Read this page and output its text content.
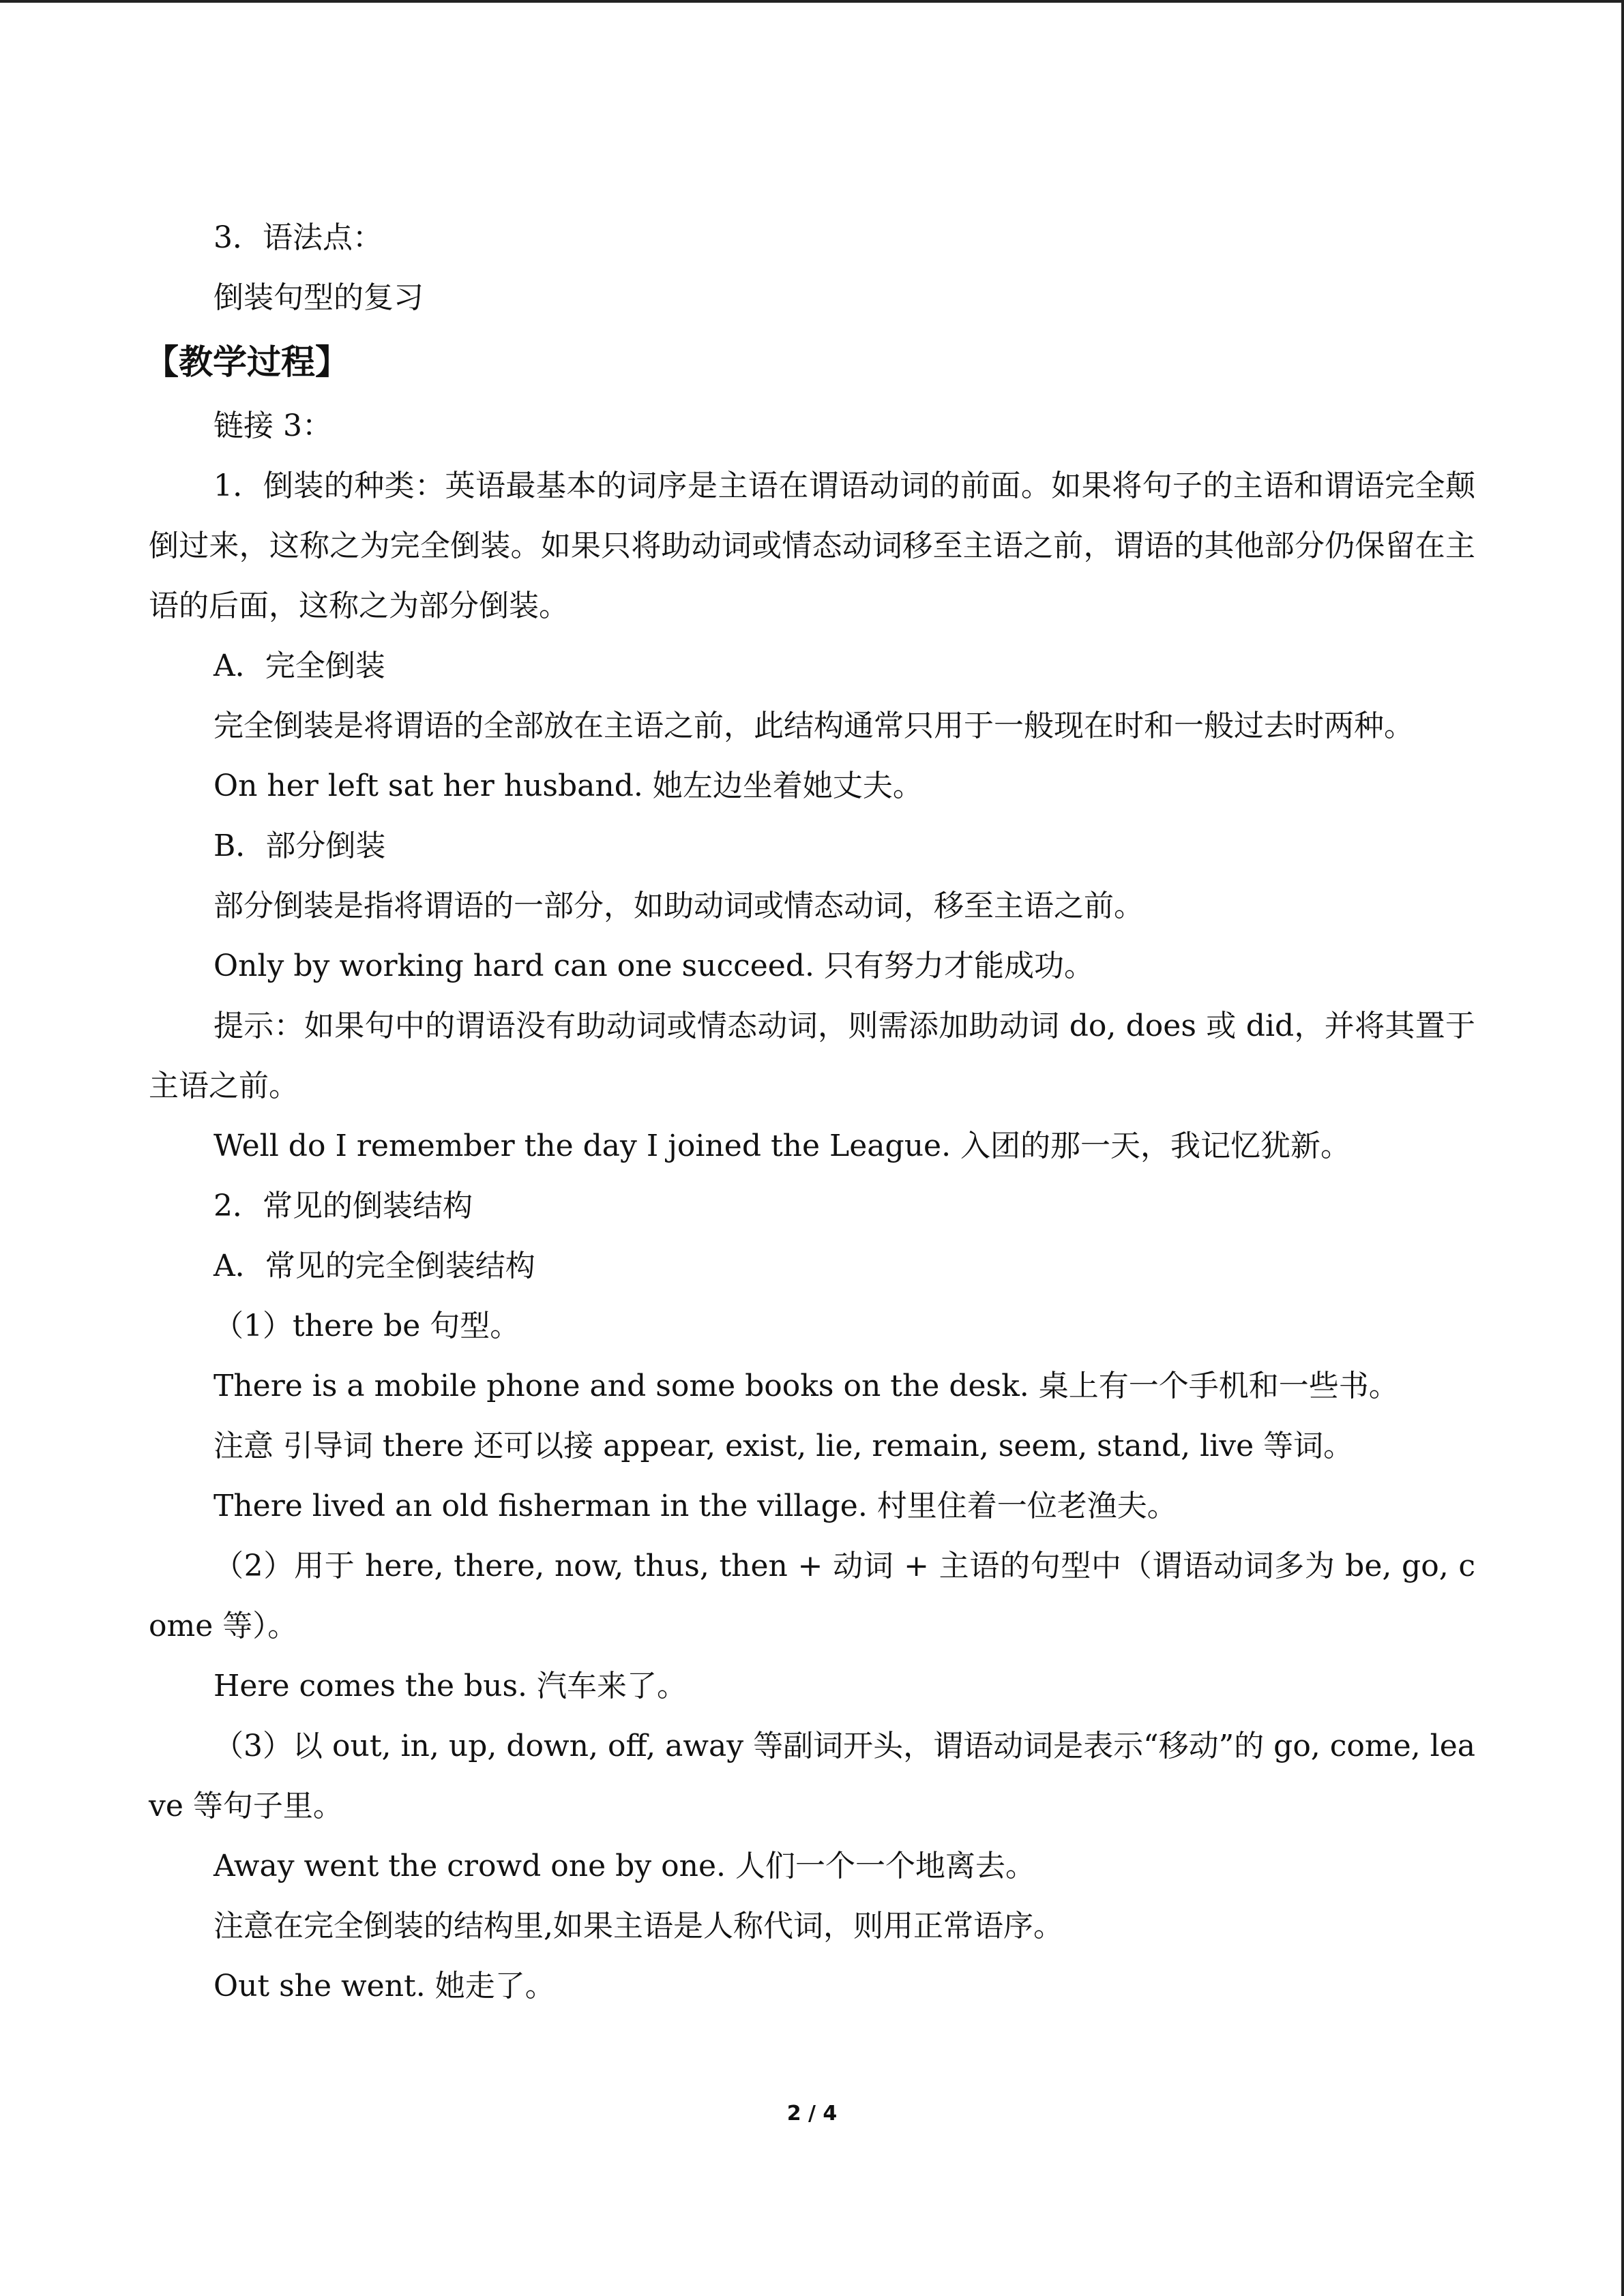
3．语法点：
倒装句型的复习
【教学过程】
链接 3：
1．倒装的种类：英语最基本的词序是主语在谓语动词的前面。如果将句子的主语和谓语完全颠倒过来，这称之为完全倒装。如果只将助动词或情态动词移至主语之前，谓语的其他部分仍保留在主语的后面，这称之为部分倒装。
A．完全倒装
完全倒装是将谓语的全部放在主语之前，此结构通常只用于一般现在时和一般过去时两种。
On her left sat her husband. 她左边坐着她丈夫。
B．部分倒装
部分倒装是指将谓语的一部分，如助动词或情态动词，移至主语之前。
Only by working hard can one succeed. 只有努力才能成功。
提示：如果句中的谓语没有助动词或情态动词，则需添加助动词 do, does 或 did，并将其置于主语之前。
Well do I remember the day I joined the League. 入团的那一天，我记忆犹新。
2．常见的倒装结构
A．常见的完全倒装结构
（1）there be 句型。
There is a mobile phone and some books on the desk. 桌上有一个手机和一些书。
注意 引导词 there 还可以接 appear, exist, lie, remain, seem, stand, live 等词。
There lived an old fisherman in the village. 村里住着一位老渔夫。
（2）用于 here, there, now, thus, then + 动词 + 主语的句型中（谓语动词多为 be, go, come 等）。
Here comes the bus. 汽车来了。
（3）以 out, in, up, down, off, away 等副词开头，谓语动词是表示“移动”的 go, come, leave 等句子里。
Away went the crowd one by one. 人们一个一个地离去。
注意在完全倒装的结构里,如果主语是人称代词，则用正常语序。
Out she went. 她走了。
2 / 4
